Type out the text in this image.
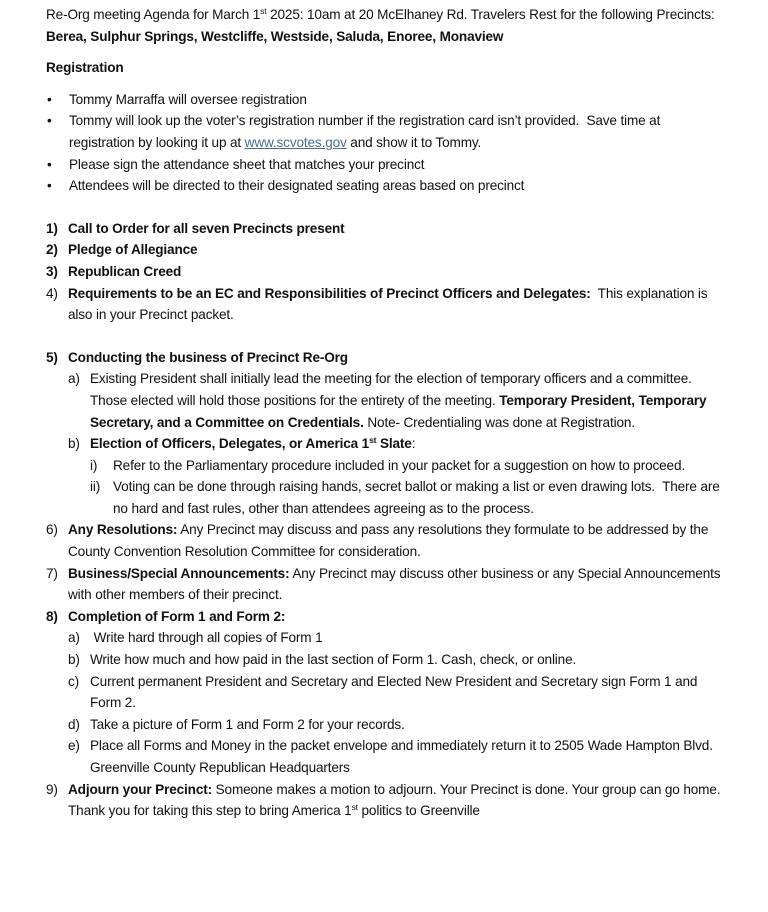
Re-Org meeting Agenda for March 1st 2025: 10am at 20 McElhaney Rd. Travelers Rest for the following Precincts: Berea, Sulphur Springs, Westcliffe, Westside, Saluda, Enoree, Monaview
Registration
•	Tommy Marraffa will oversee registration
•	Tommy will look up the voter’s registration number if the registration card isn’t provided.  Save time at registration by looking it up at www.scvotes.gov and show it to Tommy.
•	Please sign the attendance sheet that matches your precinct
•	Attendees will be directed to their designated seating areas based on precinct
1) Call to Order for all seven Precincts present
2) Pledge of Allegiance
3) Republican Creed
4) Requirements to be an EC and Responsibilities of Precinct Officers and Delegates:  This explanation is also in your Precinct packet.
5) Conducting the business of Precinct Re-Org
a) Existing President shall initially lead the meeting for the election of temporary officers and a committee.  Those elected will hold those positions for the entirety of the meeting. Temporary President, Temporary Secretary, and a Committee on Credentials. Note- Credentialing was done at Registration.
b) Election of Officers, Delegates, or America 1st Slate:
i)	Refer to the Parliamentary procedure included in your packet for a suggestion on how to proceed.
ii) Voting can be done through raising hands, secret ballot or making a list or even drawing lots.  There are no hard and fast rules, other than attendees agreeing as to the process.
6) Any Resolutions: Any Precinct may discuss and pass any resolutions they formulate to be addressed by the County Convention Resolution Committee for consideration.
7) Business/Special Announcements: Any Precinct may discuss other business or any Special Announcements with other members of their precinct.
8) Completion of Form 1 and Form 2:
a) Write hard through all copies of Form 1
b) Write how much and how paid in the last section of Form 1. Cash, check, or online.
c) Current permanent President and Secretary and Elected New President and Secretary sign Form 1 and Form 2.
d) Take a picture of Form 1 and Form 2 for your records.
e) Place all Forms and Money in the packet envelope and immediately return it to 2505 Wade Hampton Blvd.  Greenville County Republican Headquarters
9) Adjourn your Precinct: Someone makes a motion to adjourn. Your Precinct is done. Your group can go home.  Thank you for taking this step to bring America 1st politics to Greenville
